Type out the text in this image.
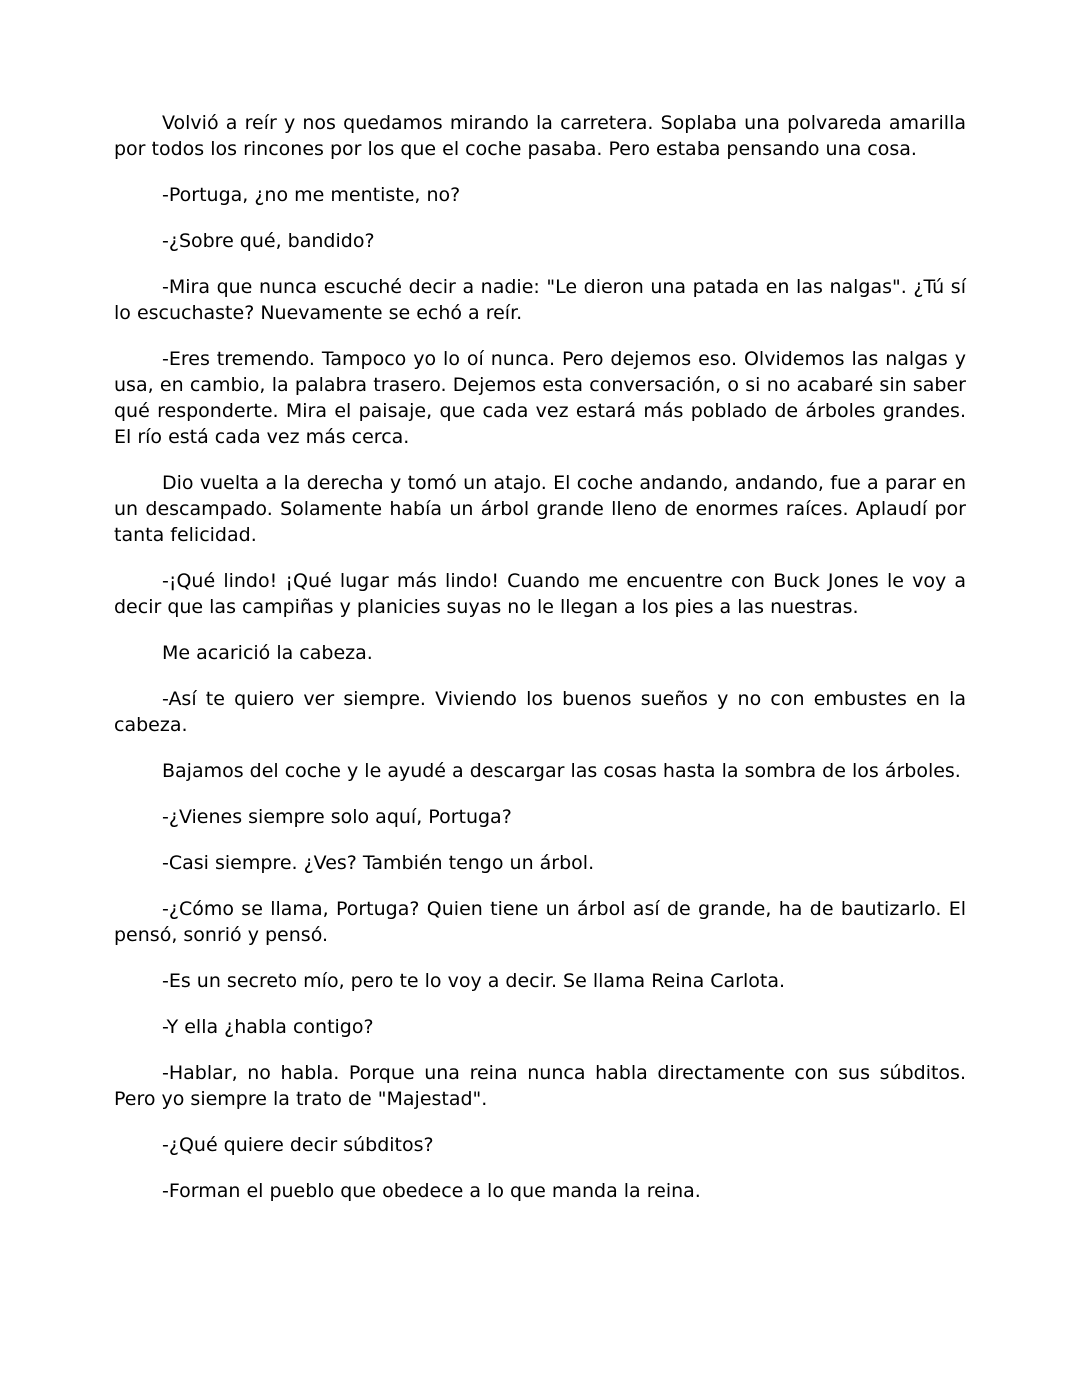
Volvió a reír y nos quedamos mirando la carretera. Soplaba una polvareda amarilla por todos los rincones por los que el coche pasaba. Pero estaba pensando una cosa.

-Portuga, ¿no me mentiste, no?

-¿Sobre qué, bandido?

-Mira que nunca escuché decir a nadie: "Le dieron una patada en las nalgas". ¿Tú sí lo escuchaste? Nuevamente se echó a reír.

-Eres tremendo. Tampoco yo lo oí nunca. Pero dejemos eso. Olvidemos las nalgas y usa, en cambio, la palabra trasero. Dejemos esta conversación, o si no acabaré sin saber qué responderte. Mira el paisaje, que cada vez estará más poblado de árboles grandes. El río está cada vez más cerca.

Dio vuelta a la derecha y tomó un atajo. El coche andando, andando, fue a parar en un descampado. Solamente había un árbol grande lleno de enormes raíces. Aplaudí por tanta felicidad.

-¡Qué lindo! ¡Qué lugar más lindo! Cuando me encuentre con Buck Jones le voy a decir que las campiñas y planicies suyas no le llegan a los pies a las nuestras.

Me acarició la cabeza.

-Así te quiero ver siempre. Viviendo los buenos sueños y no con embustes en la cabeza.

Bajamos del coche y le ayudé a descargar las cosas hasta la sombra de los árboles.

-¿Vienes siempre solo aquí, Portuga?

-Casi siempre. ¿Ves? También tengo un árbol.

-¿Cómo se llama, Portuga? Quien tiene un árbol así de grande, ha de bautizarlo. El pensó, sonrió y pensó.

-Es un secreto mío, pero te lo voy a decir. Se llama Reina Carlota.

-Y ella ¿habla contigo?

-Hablar, no habla. Porque una reina nunca habla directamente con sus súbditos. Pero yo siempre la trato de "Majestad".

-¿Qué quiere decir súbditos?

-Forman el pueblo que obedece a lo que manda la reina.
